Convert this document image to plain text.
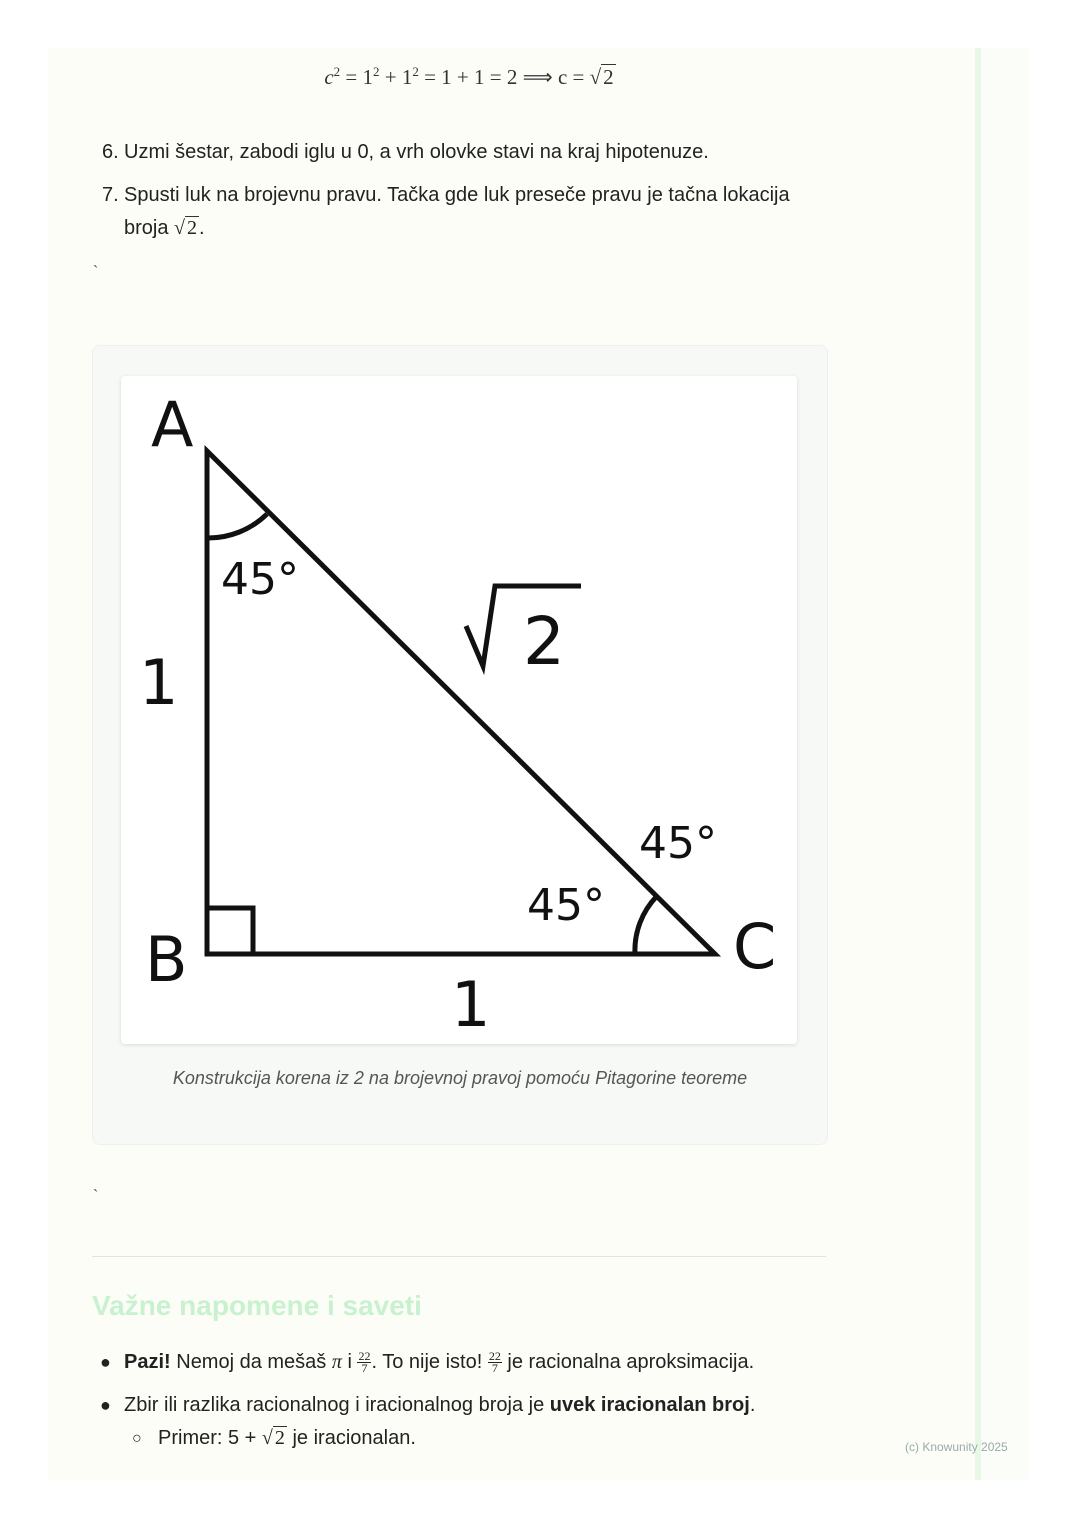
$c^2 = 1^2 + 1^2 = 1 + 1 = 2$ ⟹ c = √2
6. Uzmi šestar, zabodi iglu u 0, a vrh olovke stavi na kraj hipotenuze.
7. Spusti luk na brojevnu pravu. Tačka gde luk preseče pravu je tačna lokacija broja √ 2 .
`
A
B	C
45°
45°
45°
1
1
2
Konstrukcija korena iz 2 na brojevnoj pravoj pomoću Pitagorine teoreme
`
Važne napomene i saveti
● Pazi! Nemoj da mešaš π i $\frac{22}{7}$ . To nije isto! $\frac{22}{7}$ je racionalna aproksimacija.
● Zbir ili razlika racionalnog i iracionalnog broja je uvek iracionalan broj.
○ Primer: 5 + √ 2 je iracionalan.	(c) Knowunity 2025
